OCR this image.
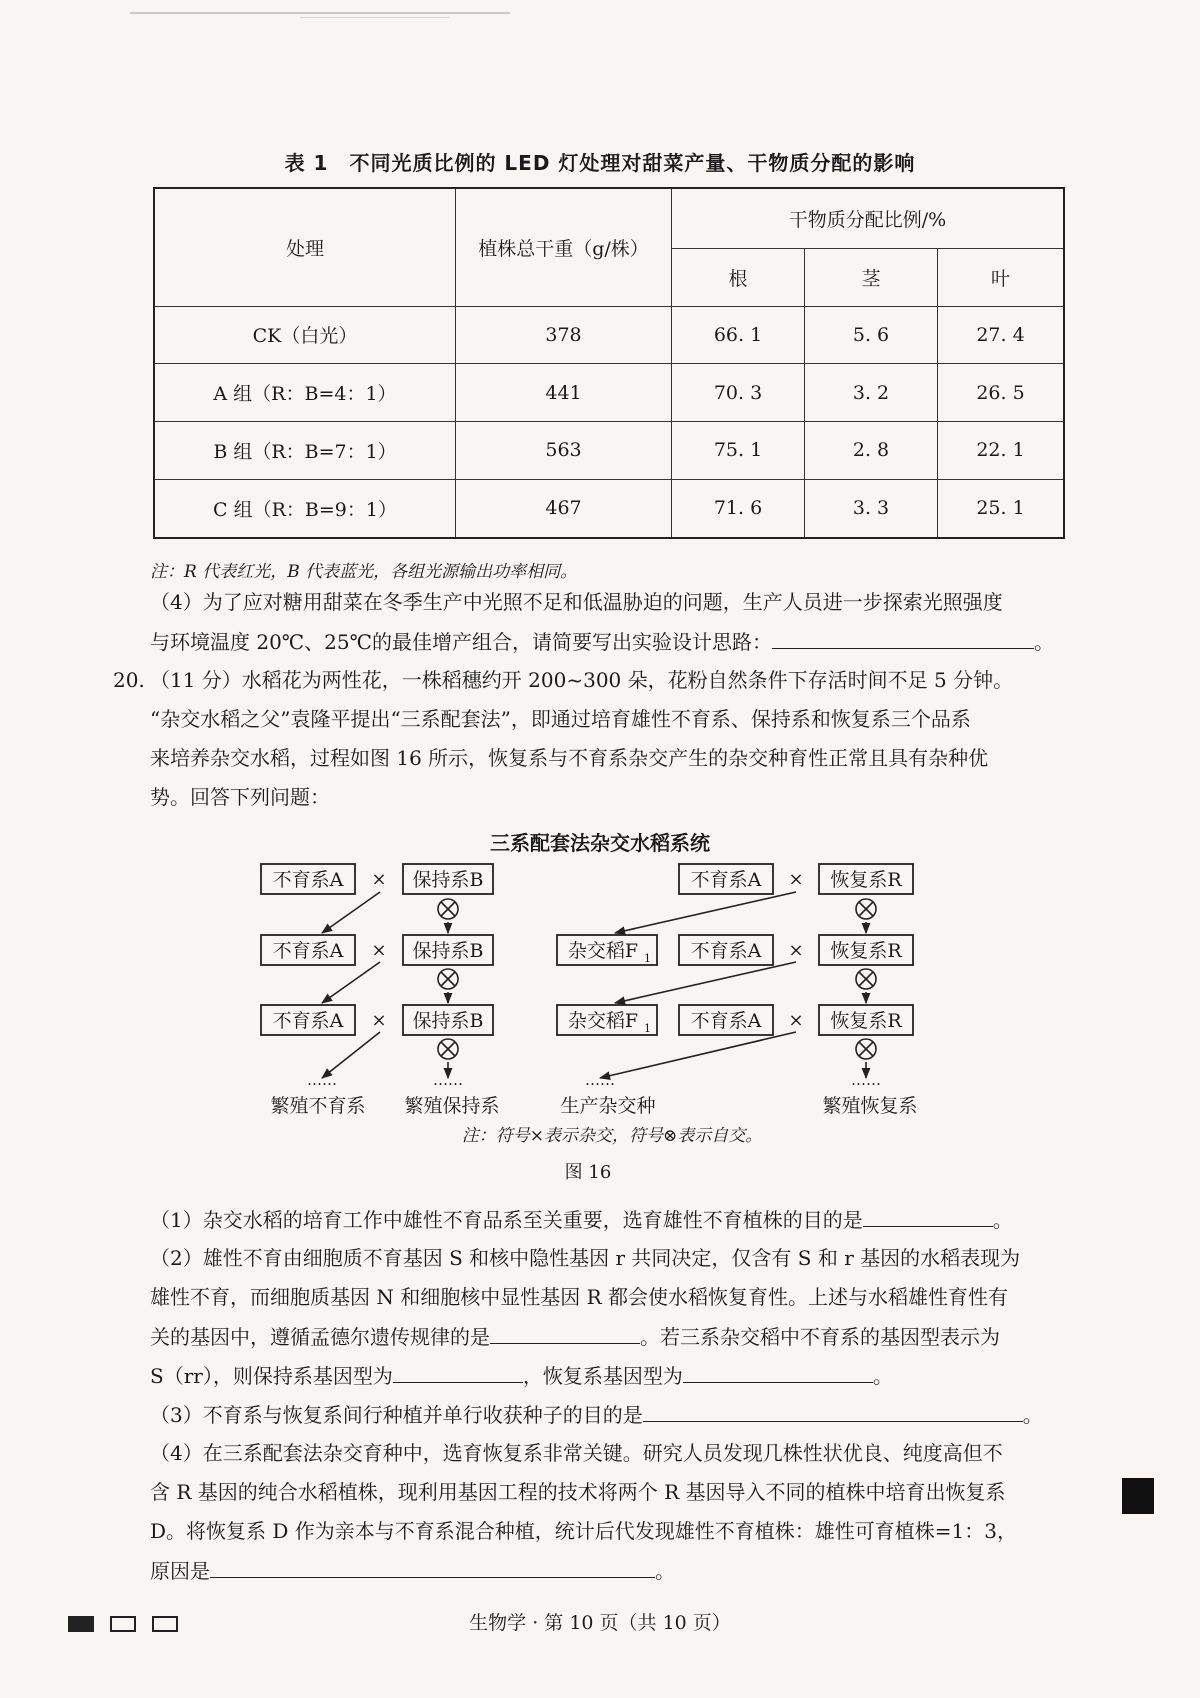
表 1　不同光质比例的 LED 灯处理对甜菜产量、干物质分配的影响
处理	植株总干重（g/株）	干物质分配比例/%		
		根	茎	叶
CK（白光）	378	66. 1	5. 6	27. 4
A 组（R：B=4：1）	441	70. 3	3. 2	26. 5
B 组（R：B=7：1）	563	75. 1	2. 8	22. 1
C 组（R：B=9：1）	467	71. 6	3. 3	25. 1
注：R 代表红光，B 代表蓝光，各组光源输出功率相同。
（4）为了应对糖用甜菜在冬季生产中光照不足和低温胁迫的问题，生产人员进一步探索光照强度
与环境温度 20℃、25℃的最佳增产组合，请简要写出实验设计思路：	。
20. （11 分）水稻花为两性花，一株稻穗约开 200~300 朵，花粉自然条件下存活时间不足 5 分钟。
“杂交水稻之父”袁隆平提出“三系配套法”，即通过培育雄性不育系、保持系和恢复系三个品系
来培养杂交水稻，过程如图 16 所示，恢复系与不育系杂交产生的杂交种育性正常且具有杂种优
势。回答下列问题：
三系配套法杂交水稻系统
不育系A	保持系B
不育系A	保持系B
不育系A	保持系B
不育系A	恢复系R
杂交稻F	不育系A	恢复系R
杂交稻F	不育系A	恢复系R
1
1
×
×
×
×
×
×
……	……	……	……
繁殖不育系 繁殖保持系	生产杂交种	繁殖恢复系
注：符号×表示杂交，符号⊗表示自交。
图 16
（1）杂交水稻的培育工作中雄性不育品系至关重要，选育雄性不育植株的目的是	。
（2）雄性不育由细胞质不育基因 S 和核中隐性基因 r 共同决定，仅含有 S 和 r 基因的水稻表现为
雄性不育，而细胞质基因 N 和细胞核中显性基因 R 都会使水稻恢复育性。上述与水稻雄性育性有
关的基因中，遵循孟德尔遗传规律的是	。若三系杂交稻中不育系的基因型表示为
S（rr），则保持系基因型为	，恢复系基因型为	。
（3）不育系与恢复系间行种植并单行收获种子的目的是	。
（4）在三系配套法杂交育种中，选育恢复系非常关键。研究人员发现几株性状优良、纯度高但不
含 R 基因的纯合水稻植株，现利用基因工程的技术将两个 R 基因导入不同的植株中培育出恢复系
D。将恢复系 D 作为亲本与不育系混合种植，统计后代发现雄性不育植株：雄性可育植株=1：3，
原因是	。
生物学 · 第 10 页（共 10 页）
